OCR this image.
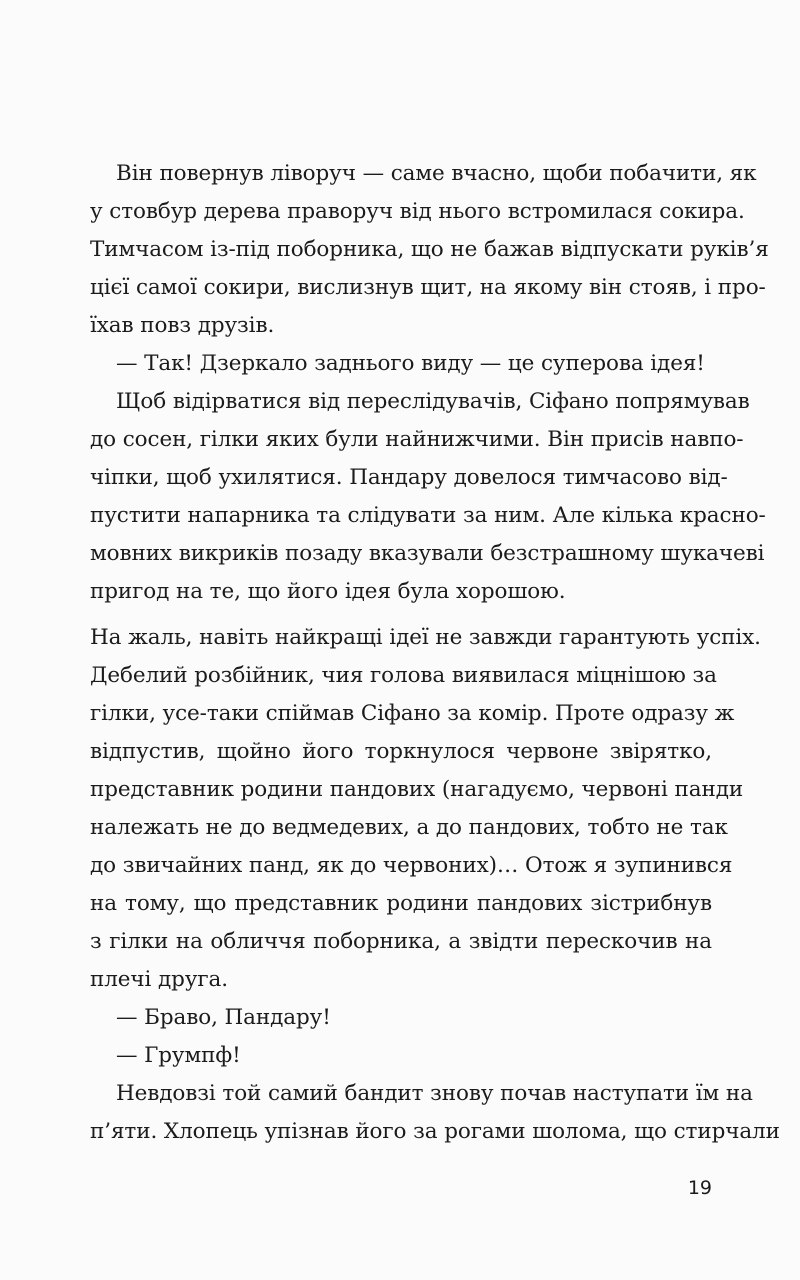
Він повернув ліворуч — саме вчасно, щоби побачити, як
у стовбур дерева праворуч від нього встромилася сокира.
Тимчасом із-під поборника, що не бажав відпускати руків’я
цієї самої сокири, вислизнув щит, на якому він стояв, і про-
їхав повз друзів.
— Так! Дзеркало заднього виду — це суперова ідея!
Щоб відірватися від переслідувачів, Сіфано попрямував
до сосен, гілки яких були найнижчими. Він присів навпо-
чіпки, щоб ухилятися. Пандару довелося тимчасово від-
пустити напарника та слідувати за ним. Але кілька красно-
мовних викриків позаду вказували безстрашному шукачеві
пригод на те, що його ідея була хорошою.
На жаль, навіть найкращі ідеї не завжди гарантують успіх.
Дебелий розбійник, чия голова виявилася міцнішою за
гілки, усе-таки спіймав Сіфано за комір. Проте одразу ж
відпустив, щойно його торкнулося червоне звірятко,
представник родини пандових (нагадуємо, червоні панди
належать не до ведмедевих, а до пандових, тобто не так
до звичайних панд, як до червоних)… Отож я зупинився
на тому, що представник родини пандових зістрибнув
з гілки на обличчя поборника, а звідти перескочив на
плечі друга.
— Браво, Пандару!
— Грумпф!
Невдовзі той самий бандит знову почав наступати їм на
п’яти. Хлопець упізнав його за рогами шолома, що стирчали
19
